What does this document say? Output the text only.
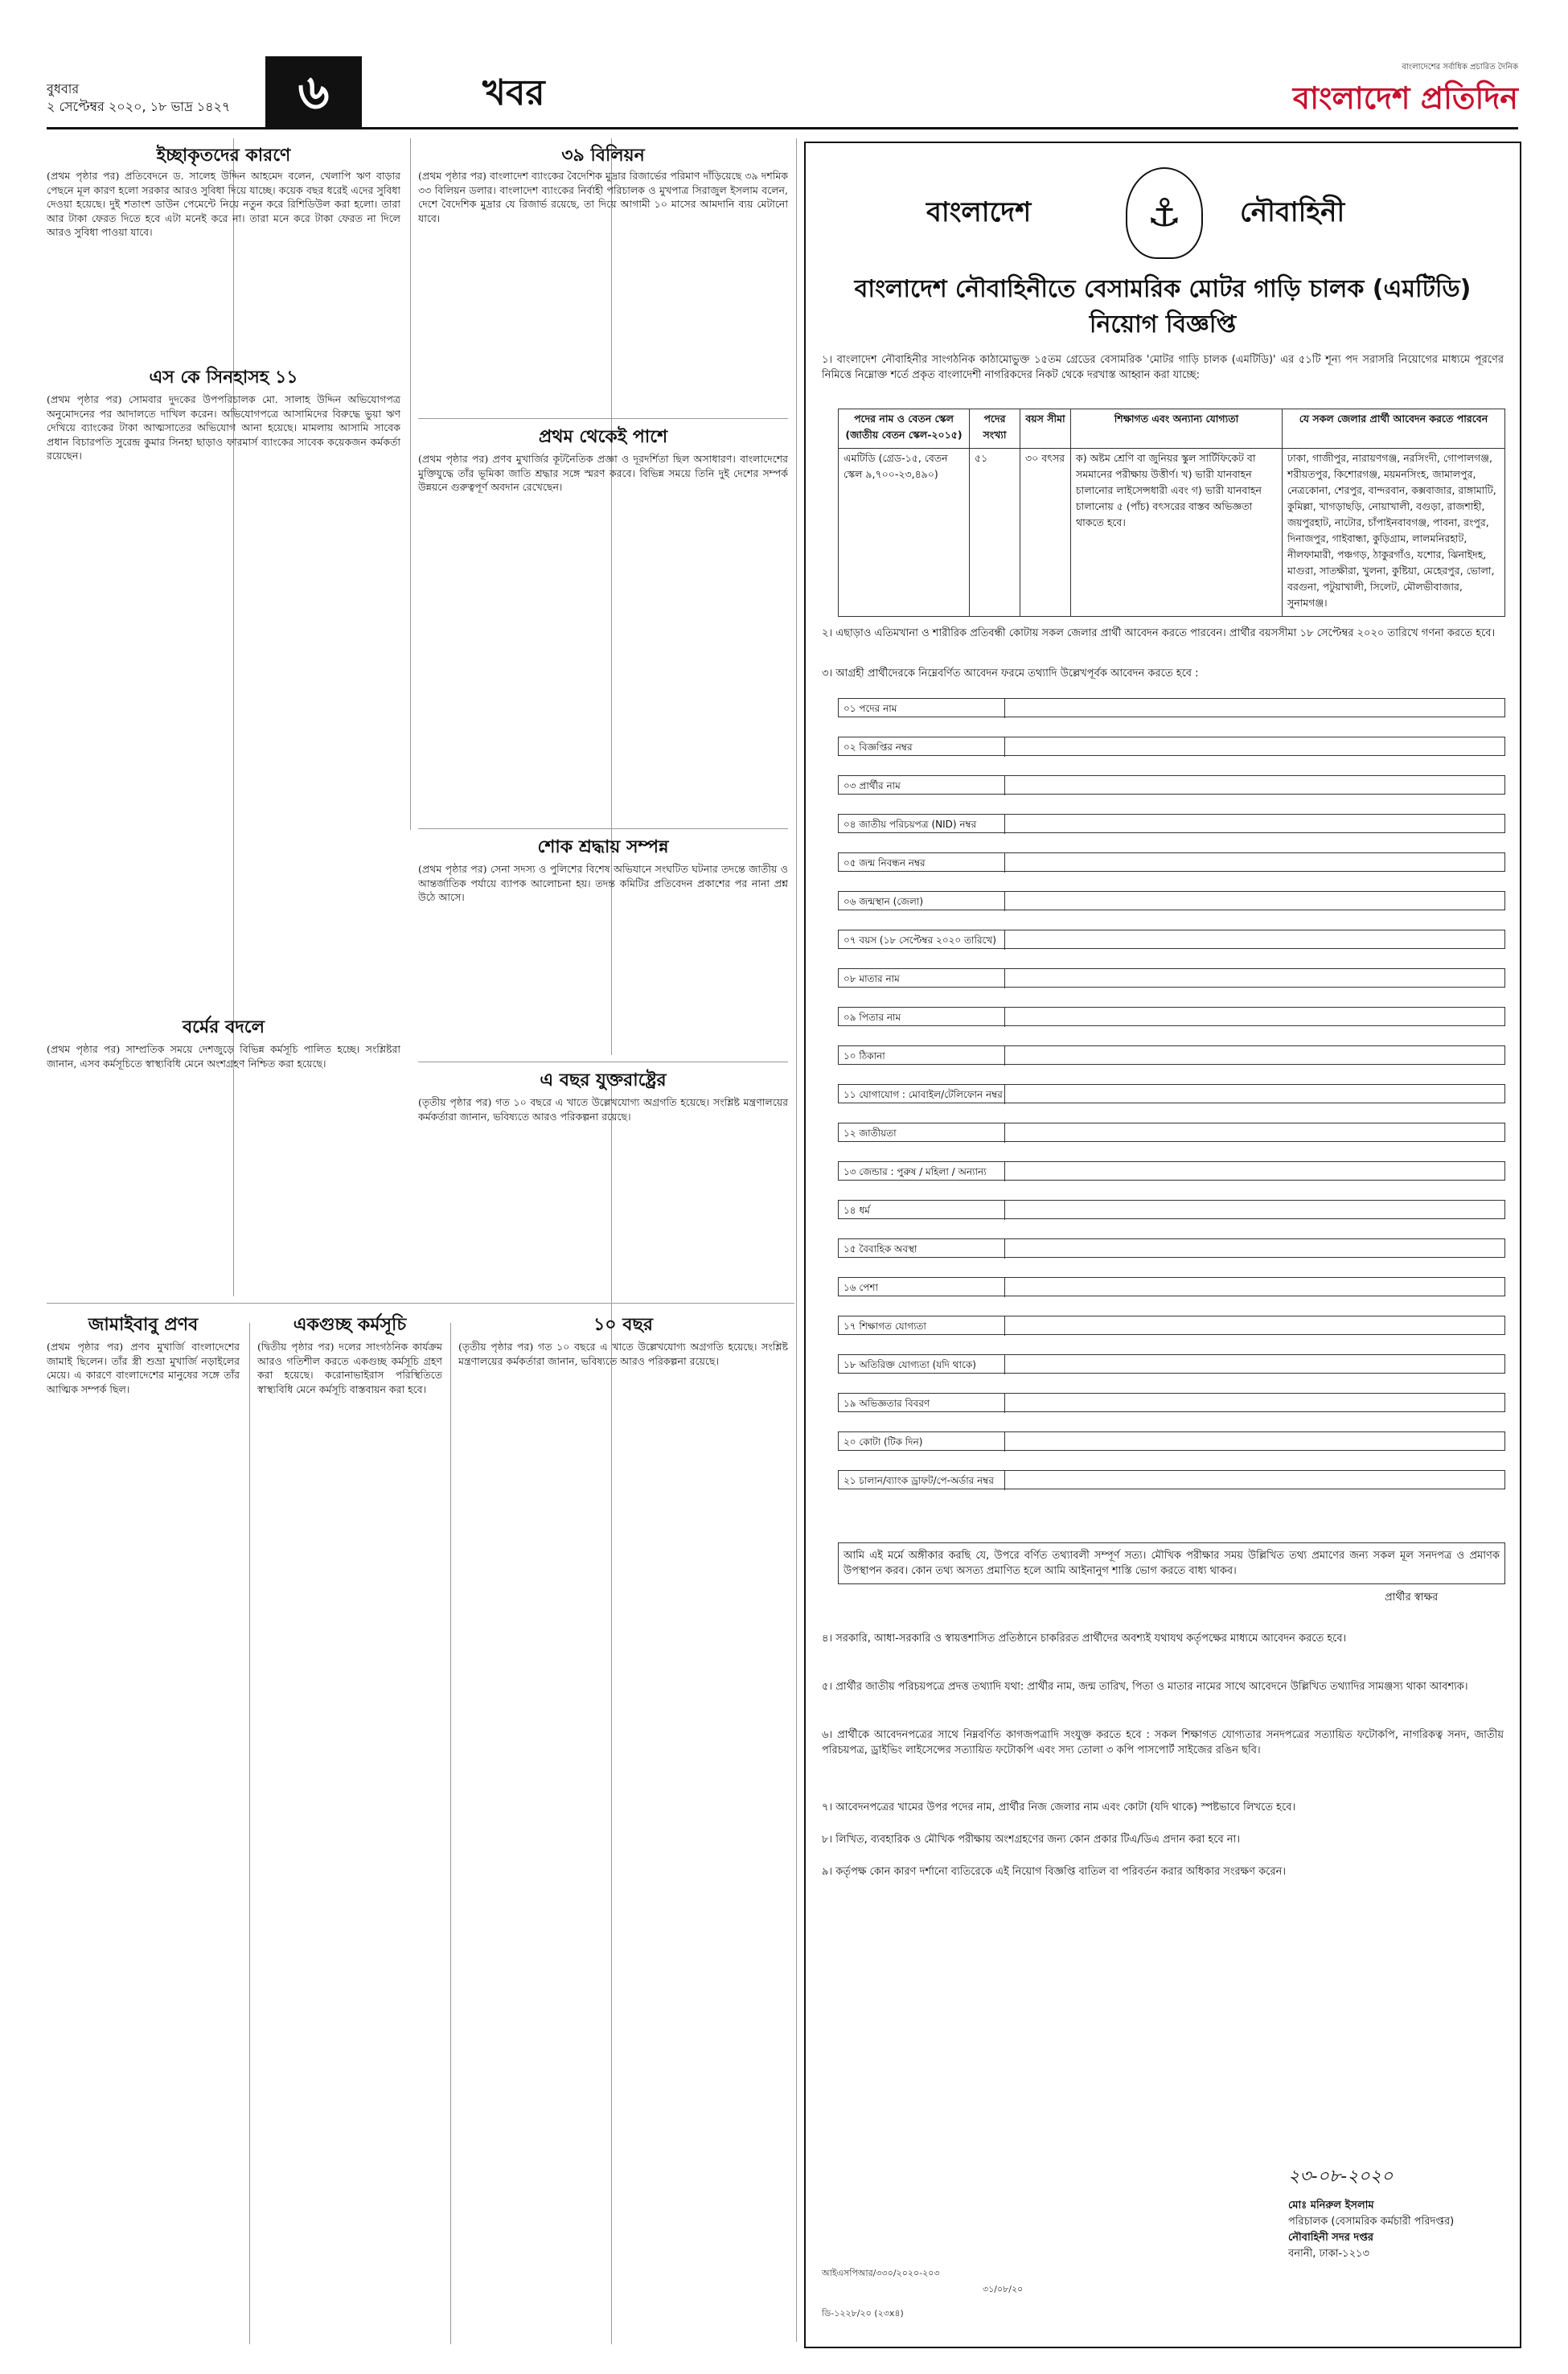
বুধবার
২ সেপ্টেম্বর ২০২০, ১৮ ভাদ্র ১৪২৭	৬	খবর
বাংলাদেশের সর্বাধিক প্রচারিত দৈনিক
বাংলাদেশ প্রতিদিন
ইচ্ছাকৃতদের কারণে	৩৯ বিলিয়ন
এস কে সিনহাসহ ১১
প্রথম থেকেই পাশে
শোক শ্রদ্ধায় সম্পন্ন
বর্মের বদলে
এ বছর যুক্তরাষ্ট্রের
জামাইবাবু প্রণব	একগুচ্ছ কর্মসূচি	১০ বছর
(প্রথম পৃষ্ঠার পর) প্রতিবেদনে ড. সালেহ উদ্দিন আহমেদ বলেন, খেলাপি ঋণ বাড়ার পেছনে মূল কারণ হলো সরকার আরও সুবিধা দিয়ে যাচ্ছে। কয়েক বছর ধরেই এদের সুবিধা দেওয়া হয়েছে। দুই শতাংশ ডাউন পেমেন্টে নিয়ে নতুন করে রিশিডিউল করা হলো। তারা আর টাকা ফেরত দিতে হবে এটা মনেই করে না। তারা মনে করে টাকা ফেরত না দিলে আরও সুবিধা পাওয়া যাবে।
(প্রথম পৃষ্ঠার পর) বাংলাদেশ ব্যাংকের বৈদেশিক মুদ্রার রিজার্ভের পরিমাণ দাঁড়িয়েছে ৩৯ দশমিক ৩৩ বিলিয়ন ডলার। বাংলাদেশ ব্যাংকের নির্বাহী পরিচালক ও মুখপাত্র সিরাজুল ইসলাম বলেন, দেশে বৈদেশিক মুদ্রার যে রিজার্ভ রয়েছে, তা দিয়ে আগামী ১০ মাসের আমদানি ব্যয় মেটানো যাবে।
(প্রথম পৃষ্ঠার পর) সোমবার দুদকের উপপরিচালক মো. সালাহ উদ্দিন অভিযোগপত্র অনুমোদনের পর আদালতে দাখিল করেন। অভিযোগপত্রে আসামিদের বিরুদ্ধে ভুয়া ঋণ দেখিয়ে ব্যাংকের টাকা আত্মসাতের অভিযোগ আনা হয়েছে। মামলায় আসামি সাবেক প্রধান বিচারপতি সুরেন্দ্র কুমার সিনহা ছাড়াও ফারমার্স ব্যাংকের সাবেক কয়েকজন কর্মকর্তা রয়েছেন।	(প্রথম পৃষ্ঠার পর) প্রণব মুখার্জির কূটনৈতিক প্রজ্ঞা ও দূরদর্শিতা ছিল অসাধারণ। বাংলাদেশের মুক্তিযুদ্ধে তাঁর ভূমিকা জাতি শ্রদ্ধার সঙ্গে স্মরণ করবে। বিভিন্ন সময়ে তিনি দুই দেশের সম্পর্ক উন্নয়নে গুরুত্বপূর্ণ অবদান রেখেছেন।
(প্রথম পৃষ্ঠার পর) সেনা সদস্য ও পুলিশের বিশেষ অভিযানে সংঘটিত ঘটনার তদন্তে জাতীয় ও আন্তর্জাতিক পর্যায়ে ব্যাপক আলোচনা হয়। তদন্ত কমিটির প্রতিবেদন প্রকাশের পর নানা প্রশ্ন উঠে আসে।
(প্রথম পৃষ্ঠার পর) সাম্প্রতিক সময়ে দেশজুড়ে বিভিন্ন কর্মসূচি পালিত হচ্ছে। সংশ্লিষ্টরা জানান, এসব কর্মসূচিতে স্বাস্থ্যবিধি মেনে অংশগ্রহণ নিশ্চিত করা হয়েছে।
(তৃতীয় পৃষ্ঠার পর) গত ১০ বছরে এ খাতে উল্লেখযোগ্য অগ্রগতি হয়েছে। সংশ্লিষ্ট মন্ত্রণালয়ের কর্মকর্তারা জানান, ভবিষ্যতে আরও পরিকল্পনা রয়েছে।
(প্রথম পৃষ্ঠার পর) প্রণব মুখার্জি বাংলাদেশের জামাই ছিলেন। তাঁর স্ত্রী শুভ্রা মুখার্জি নড়াইলের মেয়ে। এ কারণে বাংলাদেশের মানুষের সঙ্গে তাঁর আত্মিক সম্পর্ক ছিল।
(দ্বিতীয় পৃষ্ঠার পর) দলের সাংগঠনিক কার্যক্রম আরও গতিশীল করতে একগুচ্ছ কর্মসূচি গ্রহণ করা হয়েছে। করোনাভাইরাস পরিস্থিতিতে স্বাস্থ্যবিধি মেনে কর্মসূচি বাস্তবায়ন করা হবে।
(তৃতীয় পৃষ্ঠার পর) গত ১০ বছরে এ খাতে উল্লেখযোগ্য অগ্রগতি হয়েছে। সংশ্লিষ্ট মন্ত্রণালয়ের কর্মকর্তারা জানান, ভবিষ্যতে আরও পরিকল্পনা রয়েছে।
বাংলাদেশ	⚓	নৌবাহিনী
বাংলাদেশ নৌবাহিনীতে বেসামরিক মোটর গাড়ি চালক (এমটিডি) নিয়োগ বিজ্ঞপ্তি
১। বাংলাদেশ নৌবাহিনীর সাংগঠনিক কাঠামোভুক্ত ১৫তম গ্রেডের বেসামরিক 'মোটর গাড়ি চালক (এমটিডি)' এর ৫১টি শূন্য পদ সরাসরি নিয়োগের মাধ্যমে পূরণের নিমিত্তে নিম্নোক্ত শর্তে প্রকৃত বাংলাদেশী নাগরিকদের নিকট থেকে দরখাস্ত আহ্বান করা যাচ্ছে:
পদের নাম ও বেতন স্কেল (জাতীয় বেতন স্কেল-২০১৫)	পদের সংখ্যা	বয়স সীমা	শিক্ষাগত এবং অন্যান্য যোগ্যতা	যে সকল জেলার প্রার্থী আবেদন করতে পারবেন
এমটিডি (গ্রেড-১৫, বেতন স্কেল ৯,৭০০-২৩,৪৯০)	৫১	৩০ বৎসর	ক) অষ্টম শ্রেণি বা জুনিয়র স্কুল সার্টিফিকেট বা সমমানের পরীক্ষায় উত্তীর্ণ। খ) ভারী যানবাহন চালানোর লাইসেন্সধারী এবং গ) ভারী যানবাহন চালানোয় ৫ (পাঁচ) বৎসরের বাস্তব অভিজ্ঞতা থাকতে হবে।	ঢাকা, গাজীপুর, নারায়ণগঞ্জ, নরসিংদী, গোপালগঞ্জ, শরীয়তপুর, কিশোরগঞ্জ, ময়মনসিংহ, জামালপুর, নেত্রকোনা, শেরপুর, বান্দরবান, কক্সবাজার, রাঙ্গামাটি, কুমিল্লা, খাগড়াছড়ি, নোয়াখালী, বগুড়া, রাজশাহী, জয়পুরহাট, নাটোর, চাঁপাইনবাবগঞ্জ, পাবনা, রংপুর, দিনাজপুর, গাইবান্ধা, কুড়িগ্রাম, লালমনিরহাট, নীলফামারী, পঞ্চগড়, ঠাকুরগাঁও, যশোর, ঝিনাইদহ, মাগুরা, সাতক্ষীরা, খুলনা, কুষ্টিয়া, মেহেরপুর, ভোলা, বরগুনা, পটুয়াখালী, সিলেট, মৌলভীবাজার, সুনামগঞ্জ।
২। এছাড়াও এতিমখানা ও শারীরিক প্রতিবন্ধী কোটায় সকল জেলার প্রার্থী আবেদন করতে পারবেন। প্রার্থীর বয়সসীমা ১৮ সেপ্টেম্বর ২০২০ তারিখে গণনা করতে হবে।
৩। আগ্রহী প্রার্থীদেরকে নিম্নেবর্ণিত আবেদন ফরমে তথ্যাদি উল্লেখপূর্বক আবেদন করতে হবে :
০১ পদের নাম
০২ বিজ্ঞপ্তির নম্বর
০৩ প্রার্থীর নাম
০৪ জাতীয় পরিচয়পত্র (NID) নম্বর
০৫ জন্ম নিবন্ধন নম্বর
০৬ জন্মস্থান (জেলা)
০৭ বয়স (১৮ সেপ্টেম্বর ২০২০ তারিখে)
০৮ মাতার নাম
০৯ পিতার নাম
১০ ঠিকানা
১১ যোগাযোগ : মোবাইল/টেলিফোন নম্বর
১২ জাতীয়তা
১৩ জেন্ডার : পুরুষ / মহিলা / অন্যান্য
১৪ ধর্ম
১৫ বৈবাহিক অবস্থা
১৬ পেশা
১৭ শিক্ষাগত যোগ্যতা
১৮ অতিরিক্ত যোগ্যতা (যদি থাকে)
১৯ অভিজ্ঞতার বিবরণ
২০ কোটা (টিক দিন)
২১ চালান/ব্যাংক ড্রাফট/পে-অর্ডার নম্বর
আমি এই মর্মে অঙ্গীকার করছি যে, উপরে বর্ণিত তথ্যাবলী সম্পূর্ণ সত্য। মৌখিক পরীক্ষার সময় উল্লিখিত তথ্য প্রমাণের জন্য সকল মূল সনদপত্র ও প্রমাণক উপস্থাপন করব। কোন তথ্য অসত্য প্রমাণিত হলে আমি আইনানুগ শাস্তি ভোগ করতে বাধ্য থাকব।
প্রার্থীর স্বাক্ষর
৪। সরকারি, আধা-সরকারি ও স্বায়ত্তশাসিত প্রতিষ্ঠানে চাকরিরত প্রার্থীদের অবশ্যই যথাযথ কর্তৃপক্ষের মাধ্যমে আবেদন করতে হবে।
৫। প্রার্থীর জাতীয় পরিচয়পত্রে প্রদত্ত তথ্যাদি যথা: প্রার্থীর নাম, জন্ম তারিখ, পিতা ও মাতার নামের সাথে আবেদনে উল্লিখিত তথ্যাদির সামঞ্জস্য থাকা আবশ্যক।
৬। প্রার্থীকে আবেদনপত্রের সাথে নিম্নবর্ণিত কাগজপত্রাদি সংযুক্ত করতে হবে : সকল শিক্ষাগত যোগ্যতার সনদপত্রের সত্যায়িত ফটোকপি, নাগরিকত্ব সনদ, জাতীয় পরিচয়পত্র, ড্রাইভিং লাইসেন্সের সত্যায়িত ফটোকপি এবং সদ্য তোলা ৩ কপি পাসপোর্ট সাইজের রঙিন ছবি।
৭। আবেদনপত্রের খামের উপর পদের নাম, প্রার্থীর নিজ জেলার নাম এবং কোটা (যদি থাকে) স্পষ্টভাবে লিখতে হবে।
৮। লিখিত, ব্যবহারিক ও মৌখিক পরীক্ষায় অংশগ্রহণের জন্য কোন প্রকার টিএ/ডিএ প্রদান করা হবে না।
৯। কর্তৃপক্ষ কোন কারণ দর্শানো ব্যতিরেকে এই নিয়োগ বিজ্ঞপ্তি বাতিল বা পরিবর্তন করার অধিকার সংরক্ষণ করেন।
২৩-০৮-২০২০
মোঃ মনিরুল ইসলাম
পরিচালক (বেসামরিক কর্মচারী পরিদপ্তর)
নৌবাহিনী সদর দপ্তর
বনানী, ঢাকা-১২১৩
আইএসপিআর/৩৩০/২০২০-২০৩
৩১/০৮/২০
ডি-১২২৮/২০ (২৩x৪)
